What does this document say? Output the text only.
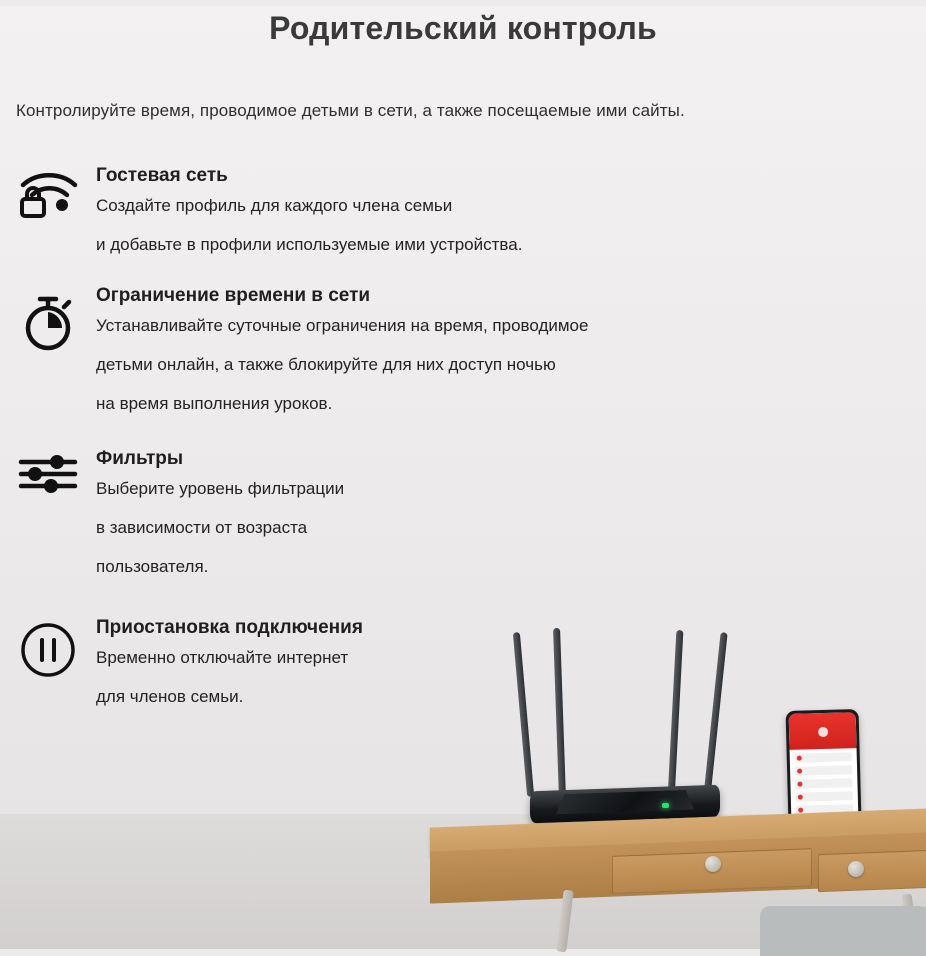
Родительский контроль

Контролируйте время, проводимое детьми в сети, а также посещаемые ими сайты.

Гостевая сеть
Создайте профиль для каждого члена семьи
и добавьте в профили используемые ими устройства.
Ограничение времени в сети
Устанавливайте суточные ограничения на время, проводимое
детьми онлайн, а также блокируйте для них доступ ночью
на время выполнения уроков.
Фильтры
Выберите уровень фильтрации
в зависимости от возраста
пользователя.
Приостановка подключения
Временно отключайте интернет
для членов семьи.
